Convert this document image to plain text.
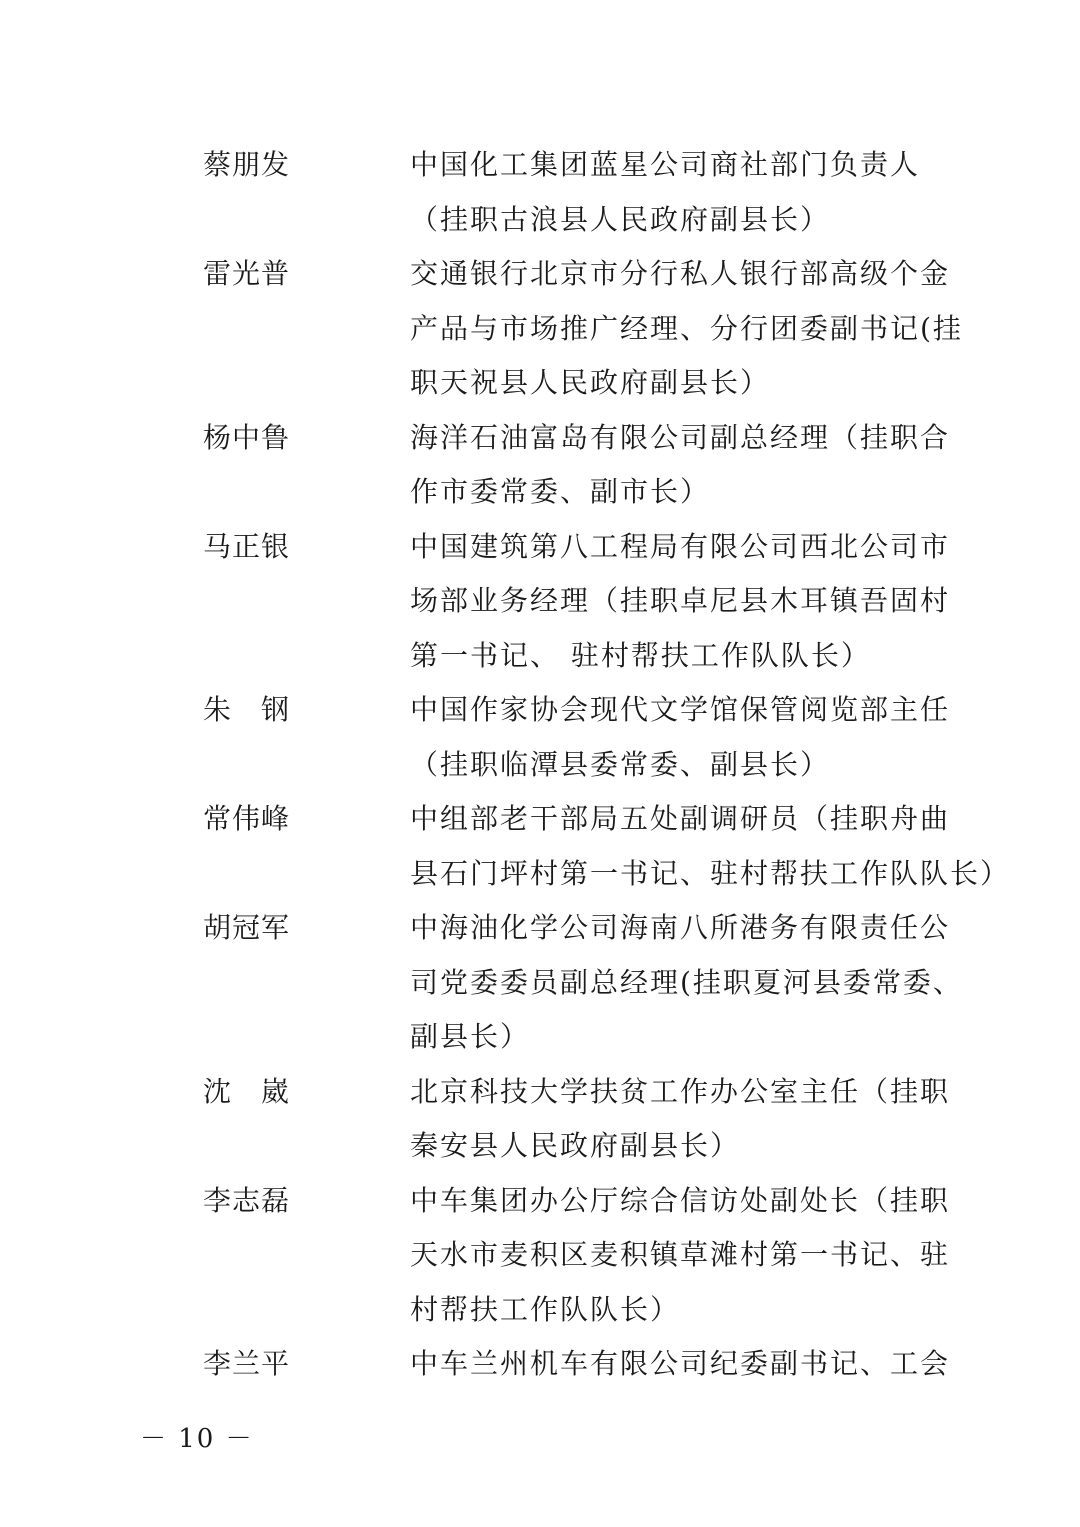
蔡朋发	中国化工集团蓝星公司商社部门负责人
（挂职古浪县人民政府副县长）
雷光普	交通银行北京市分行私人银行部高级个金
产品与市场推广经理、分行团委副书记(挂
职天祝县人民政府副县长）
杨中鲁	海洋石油富岛有限公司副总经理（挂职合
作市委常委、副市长）
马正银	中国建筑第八工程局有限公司西北公司市
场部业务经理（挂职卓尼县木耳镇吾固村
第一书记、 驻村帮扶工作队队长）
朱　钢	中国作家协会现代文学馆保管阅览部主任
（挂职临潭县委常委、副县长）
常伟峰	中组部老干部局五处副调研员（挂职舟曲
县石门坪村第一书记、驻村帮扶工作队队长）
胡冠军	中海油化学公司海南八所港务有限责任公
司党委委员副总经理(挂职夏河县委常委、
副县长）
沈　崴	北京科技大学扶贫工作办公室主任（挂职
秦安县人民政府副县长）
李志磊	中车集团办公厅综合信访处副处长（挂职
天水市麦积区麦积镇草滩村第一书记、驻
村帮扶工作队队长）
李兰平	中车兰州机车有限公司纪委副书记、工会
－ 10 －
